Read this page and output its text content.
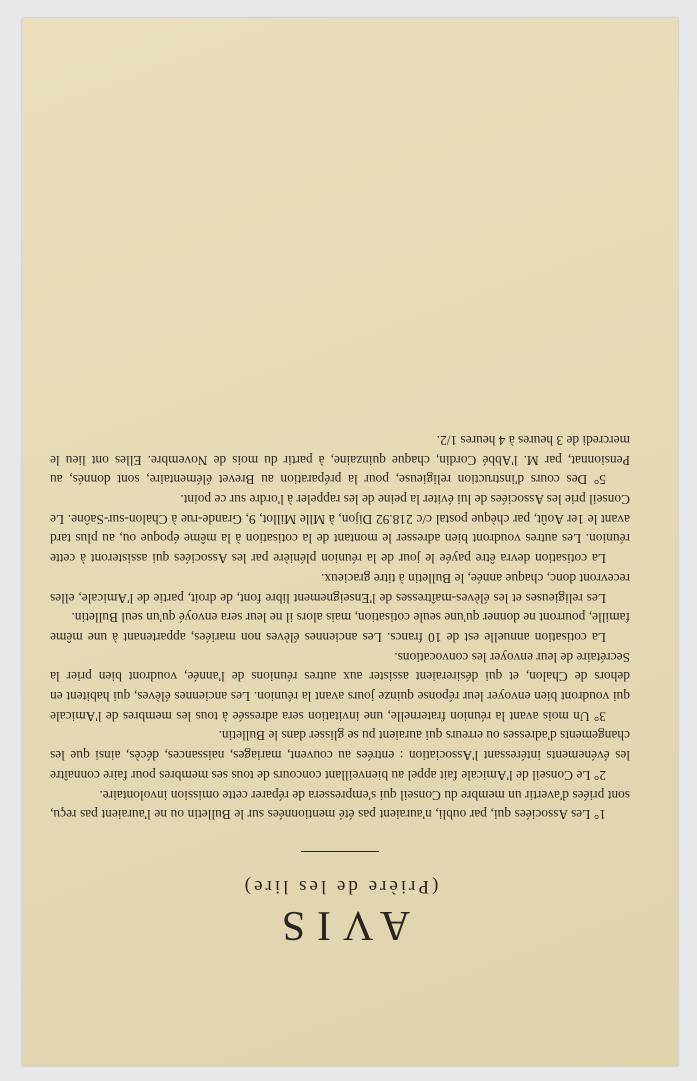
AVIS
(Prière de les lire)

1° Les Associées qui, par oubli, n'auraient pas été mentionnées sur le Bulletin ou ne l'auraient pas reçu, sont priées d'avertir un membre du Conseil qui s'empressera de réparer cette omission involontaire.

2° Le Conseil de l'Amicale fait appel au bienveillant concours de tous ses membres pour faire connaître les événements intéressant l'Association : entrées au couvent, mariages, naissances, décès, ainsi que les changements d'adresses ou erreurs qui auraient pu se glisser dans le Bulletin.

3° Un mois avant la réunion fraternelle, une invitation sera adressée à tous les membres de l'Amicale qui voudront bien envoyer leur réponse quinze jours avant la réunion. Les anciennes élèves, qui habitent en dehors de Chalon, et qui désireraient assister aux autres réunions de l'année, voudront bien prier la Secrétaire de leur envoyer les convocations.

La cotisation annuelle est de 10 francs. Les anciennes élèves non mariées, appartenant à une même famille, pourront ne donner qu'une seule cotisation, mais alors il ne leur sera envoyé qu'un seul Bulletin.

Les religieuses et les élèves-maîtresses de l'Enseignement libre font, de droit, partie de l'Amicale, elles recevront donc, chaque année, le Bulletin à titre gracieux.

La cotisation devra être payée le jour de la réunion plénière par les Associées qui assisteront à cette réunion. Les autres voudront bien adresser le montant de la cotisation à la même époque ou, au plus tard avant le 1er Août, par chèque postal c/c 218.92 Dijon, à Mlle Millot, 9, Grande-rue à Chalon-sur-Saône. Le Conseil prie les Associées de lui éviter la peine de les rappeler à l'ordre sur ce point.

5° Des cours d'instruction religieuse, pour la préparation au Brevet élémentaire, sont donnés, au Pensionnat, par M. l'Abbé Cordin, chaque quinzaine, à partir du mois de Novembre. Elles ont lieu le mercredi de 3 heures à 4 heures 1/2.
